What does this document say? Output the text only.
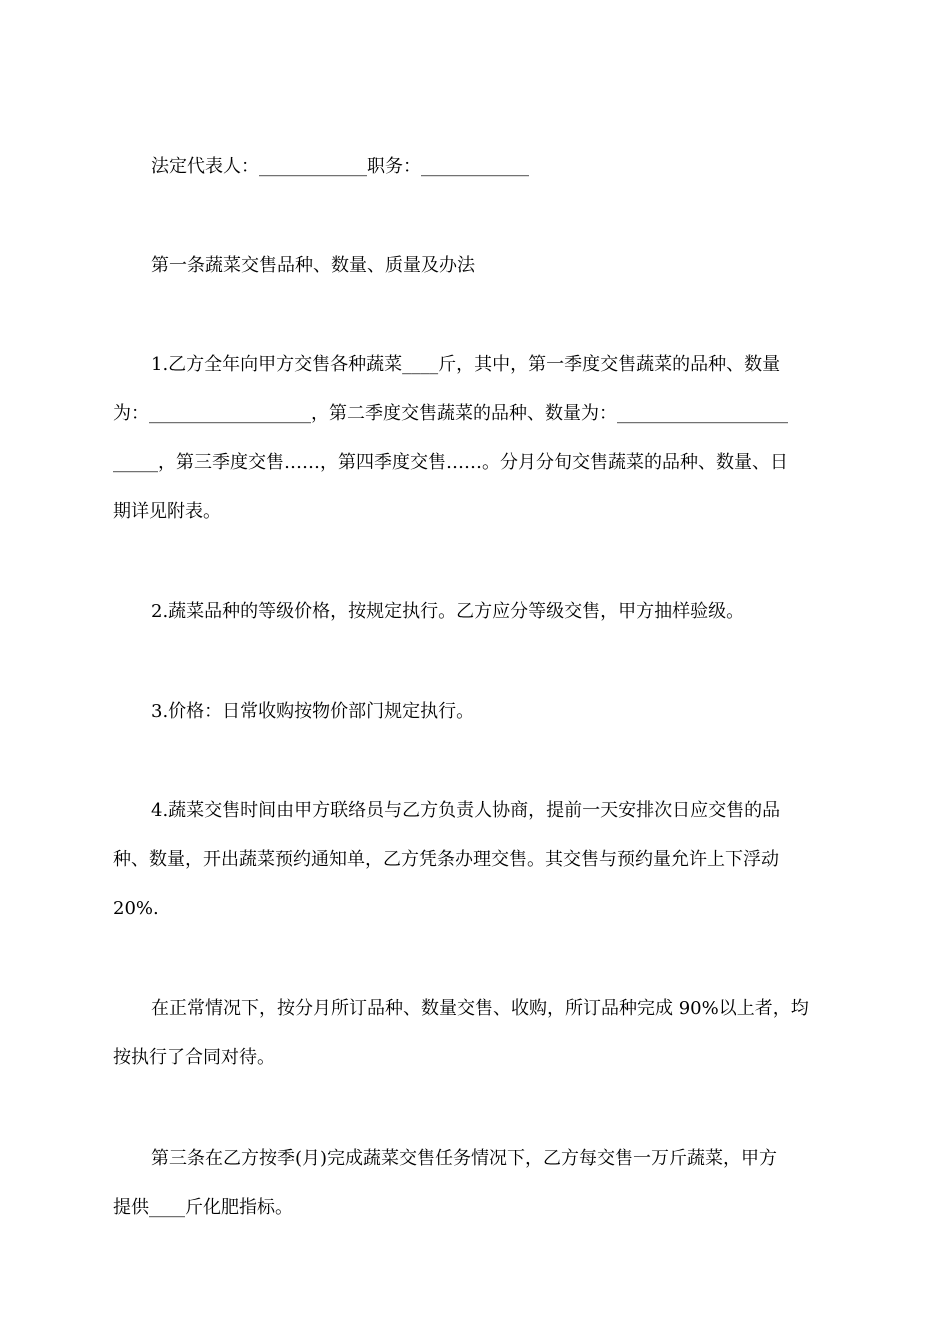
法定代表人：____________职务：____________

第一条蔬菜交售品种、数量、质量及办法

1.乙方全年向甲方交售各种蔬菜____斤，其中，第一季度交售蔬菜的品种、数量

为：__________________，第二季度交售蔬菜的品种、数量为：___________________

_____，第三季度交售……，第四季度交售……。分月分旬交售蔬菜的品种、数量、日

期详见附表。

2.蔬菜品种的等级价格，按规定执行。乙方应分等级交售，甲方抽样验级。

3.价格：日常收购按物价部门规定执行。

4.蔬菜交售时间由甲方联络员与乙方负责人协商，提前一天安排次日应交售的品

种、数量，开出蔬菜预约通知单，乙方凭条办理交售。其交售与预约量允许上下浮动

20%.

在正常情况下，按分月所订品种、数量交售、收购，所订品种完成 90%以上者，均

按执行了合同对待。

第三条在乙方按季(月)完成蔬菜交售任务情况下，乙方每交售一万斤蔬菜，甲方

提供____斤化肥指标。
